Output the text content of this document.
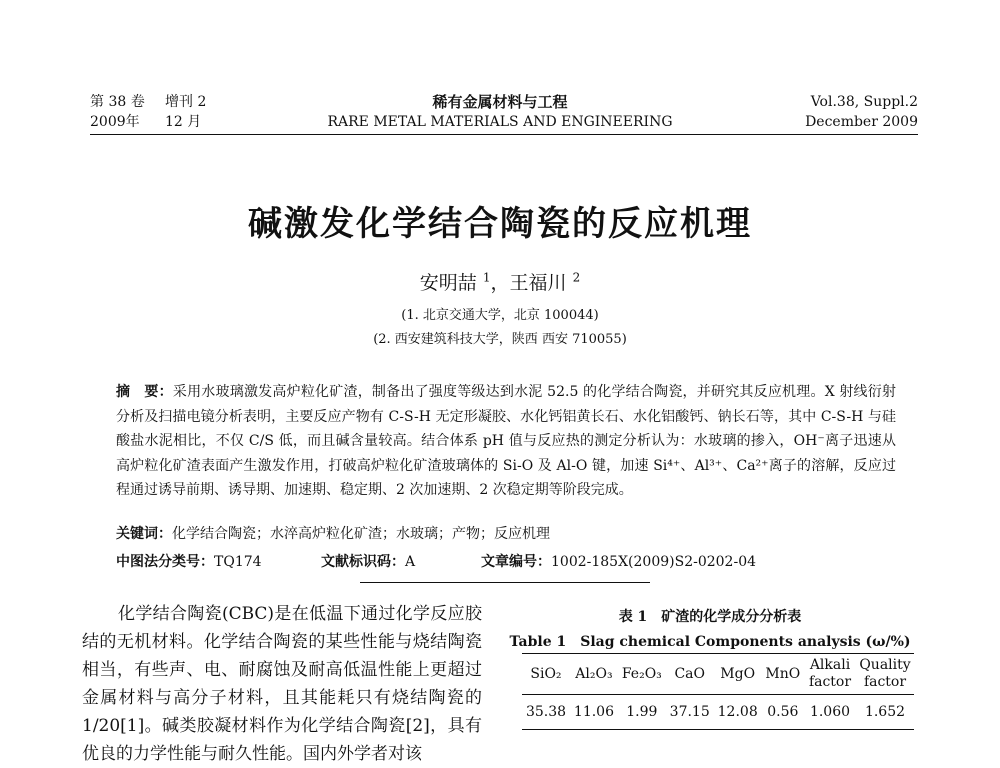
第 38 卷 增刊 2
2009年 12 月
稀有金属材料与工程
RARE METAL MATERIALS AND ENGINEERING
Vol.38, Suppl.2
December 2009
碱激发化学结合陶瓷的反应机理
安明喆 $^1$，王福川 $^2$
(1. 北京交通大学，北京 100044)
(2. 西安建筑科技大学，陕西 西安 710055)
摘　要：采用水玻璃激发高炉粒化矿渣，制备出了强度等级达到水泥 52.5 的化学结合陶瓷，并研究其反应机理。X 射线衍射分析及扫描电镜分析表明，主要反应产物有 C-S-H 无定形凝胶、水化钙铝黄长石、水化铝酸钙、钠长石等，其中 C-S-H 与硅酸盐水泥相比，不仅 C/S 低，而且碱含量较高。结合体系 pH 值与反应热的测定分析认为：水玻璃的掺入，OH⁻离子迅速从高炉粒化矿渣表面产生激发作用，打破高炉粒化矿渣玻璃体的 Si-O 及 Al-O 键，加速 Si⁴⁺、Al³⁺、Ca²⁺离子的溶解，反应过程通过诱导前期、诱导期、加速期、稳定期、2 次加速期、2 次稳定期等阶段完成。
关键词：化学结合陶瓷；水淬高炉粒化矿渣；水玻璃；产物；反应机理
中图法分类号：TQ174	文献标识码：A	文章编号：1002-185X(2009)S2-0202-04
化学结合陶瓷(CBC)是在低温下通过化学反应胶结的无机材料。化学结合陶瓷的某些性能与烧结陶瓷相当，有些声、电、耐腐蚀及耐高低温性能上更超过金属材料与高分子材料，且其能耗只有烧结陶瓷的 1/20[1]。碱类胶凝材料作为化学结合陶瓷[2]，具有优良的力学性能与耐久性能。国内外学者对该
表 1　矿渣的化学成分分析表
Table 1　Slag chemical Components analysis (ω/%)
SiO₂	Al₂O₃	Fe₂O₃	CaO	MgO	MnO	Alkali factor	Quality factor
35.38	11.06	1.99	37.15	12.08	0.56	1.060	1.652
